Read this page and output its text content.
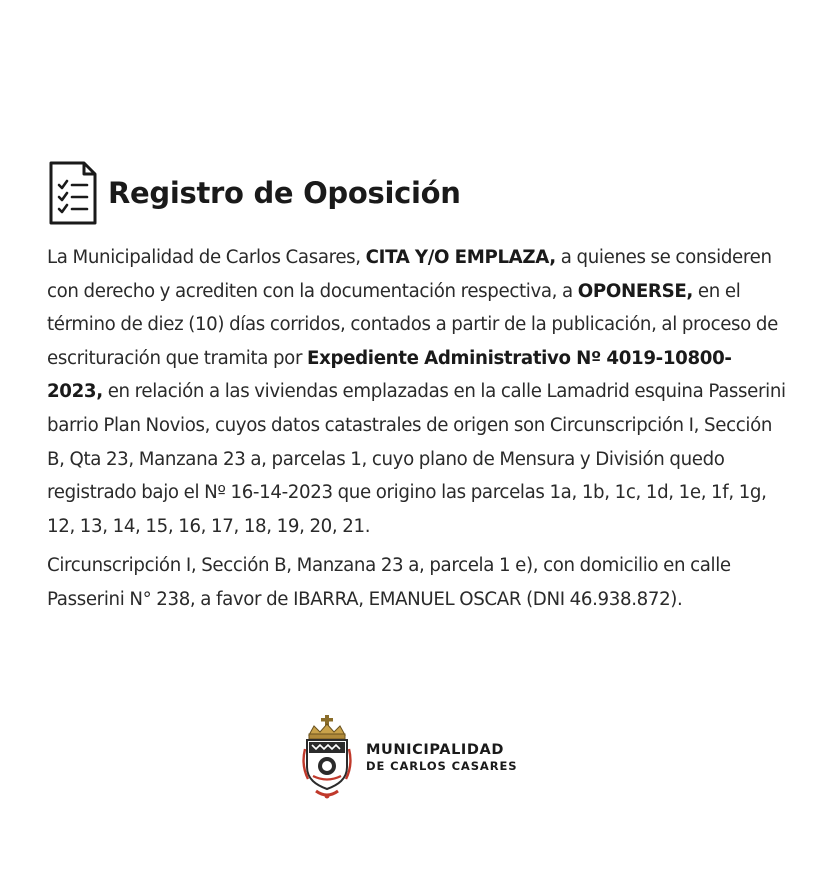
Registro de Oposición

La Municipalidad de Carlos Casares, CITA Y/O EMPLAZA, a quienes se consideren con derecho y acrediten con la documentación respectiva, a OPONERSE, en el término de diez (10) días corridos, contados a partir de la publicación, al proceso de escrituración que tramita por Expediente Administrativo Nº 4019-10800-2023, en relación a las viviendas emplazadas en la calle Lamadrid esquina Passerini barrio Plan Novios, cuyos datos catastrales de origen son Circunscripción I, Sección B, Qta 23, Manzana 23 a, parcelas 1, cuyo plano de Mensura y División quedo registrado bajo el Nº 16-14-2023 que origino las parcelas 1a, 1b, 1c, 1d, 1e, 1f, 1g, 12, 13, 14, 15, 16, 17, 18, 19, 20, 21.

Circunscripción I, Sección B, Manzana 23 a, parcela 1 e), con domicilio en calle Passerini N° 238, a favor de IBARRA, EMANUEL OSCAR (DNI 46.938.872).

MUNICIPALIDAD
DE CARLOS CASARES
